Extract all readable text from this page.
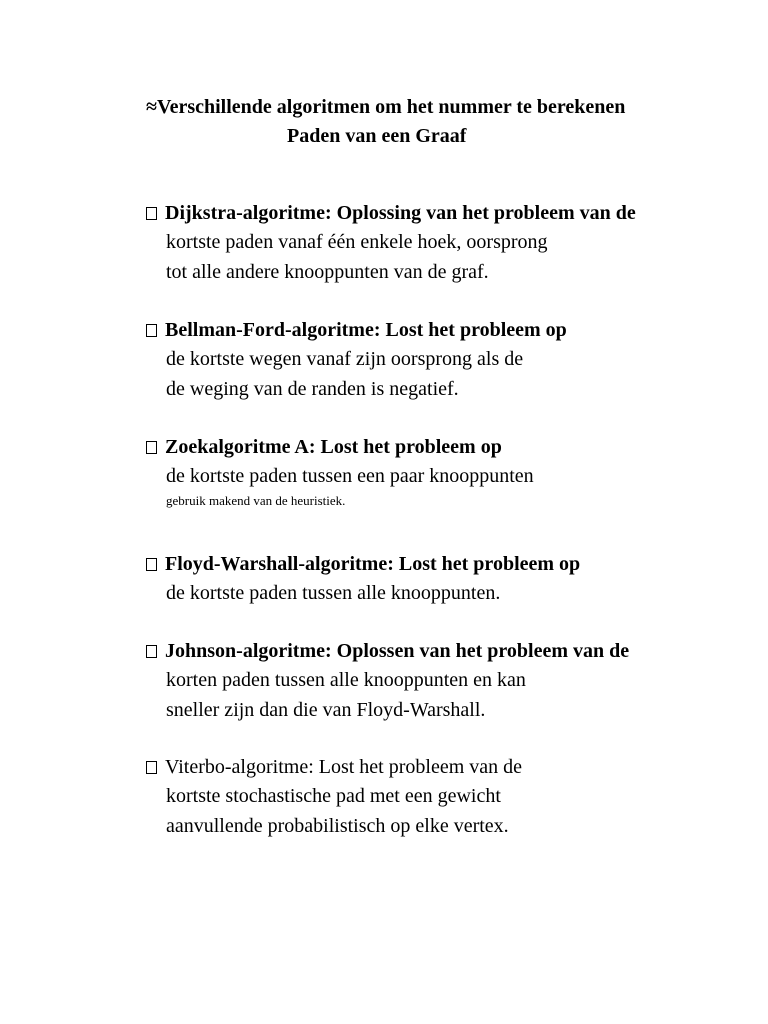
≈Verschillende algoritmen om het nummer te berekenen
Paden van een Graaf
Dijkstra-algoritme: Oplossing van het probleem van de
kortste paden vanaf één enkele hoek, oorsprong
tot alle andere knooppunten van de graf.
Bellman-Ford-algoritme: Lost het probleem op
de kortste wegen vanaf zijn oorsprong als de
de weging van de randen is negatief.
Zoekalgoritme A: Lost het probleem op
de kortste paden tussen een paar knooppunten
gebruik makend van de heuristiek.
Floyd-Warshall-algoritme: Lost het probleem op
de kortste paden tussen alle knooppunten.
Johnson-algoritme: Oplossen van het probleem van de
korten paden tussen alle knooppunten en kan
sneller zijn dan die van Floyd-Warshall.
Viterbo-algoritme: Lost het probleem van de
kortste stochastische pad met een gewicht
aanvullende probabilistisch op elke vertex.
